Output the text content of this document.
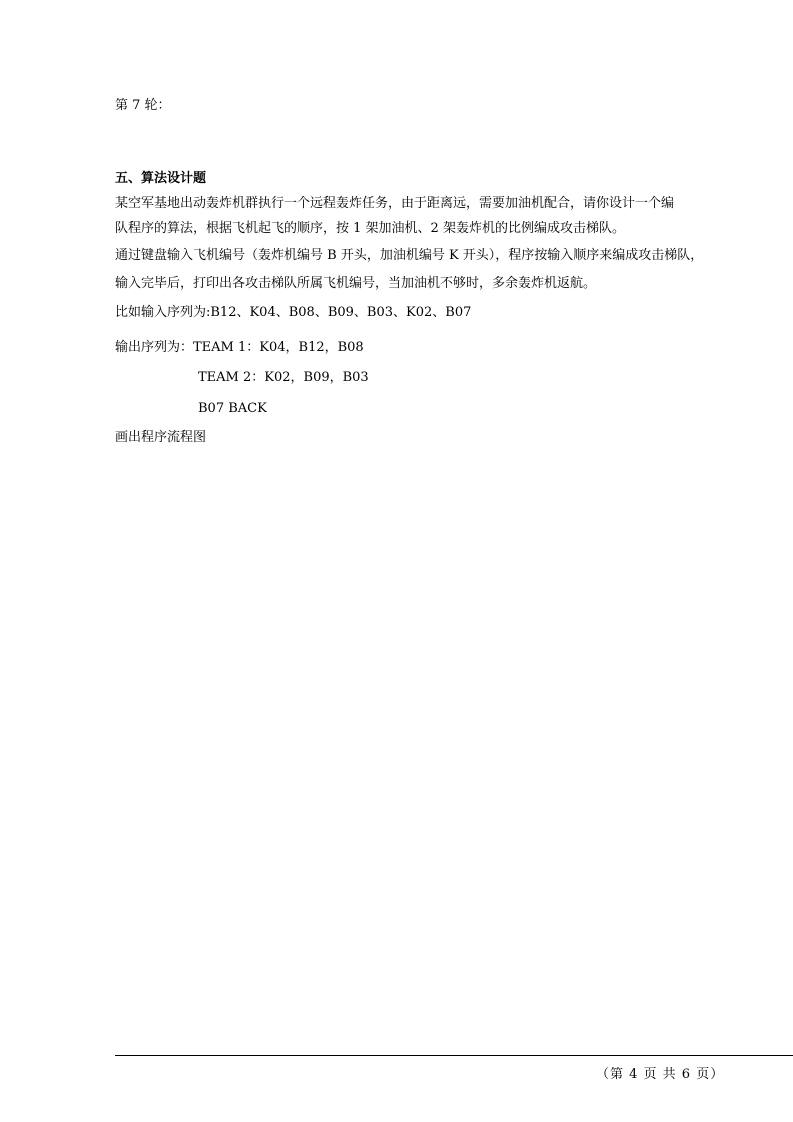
第 7 轮：
五、算法设计题
某空军基地出动轰炸机群执行一个远程轰炸任务，由于距离远，需要加油机配合，请你设计一个编
队程序的算法，根据飞机起飞的顺序，按 1 架加油机、2 架轰炸机的比例编成攻击梯队。
通过键盘输入飞机编号（轰炸机编号 B 开头，加油机编号 K 开头），程序按输入顺序来编成攻击梯队，
输入完毕后，打印出各攻击梯队所属飞机编号，当加油机不够时，多余轰炸机返航。
比如输入序列为:B12、K04、B08、B09、B03、K02、B07
输出序列为：TEAM 1：K04，B12，B08
TEAM 2：K02，B09，B03
B07 BACK
画出程序流程图
（第 4 页 共 6 页）
